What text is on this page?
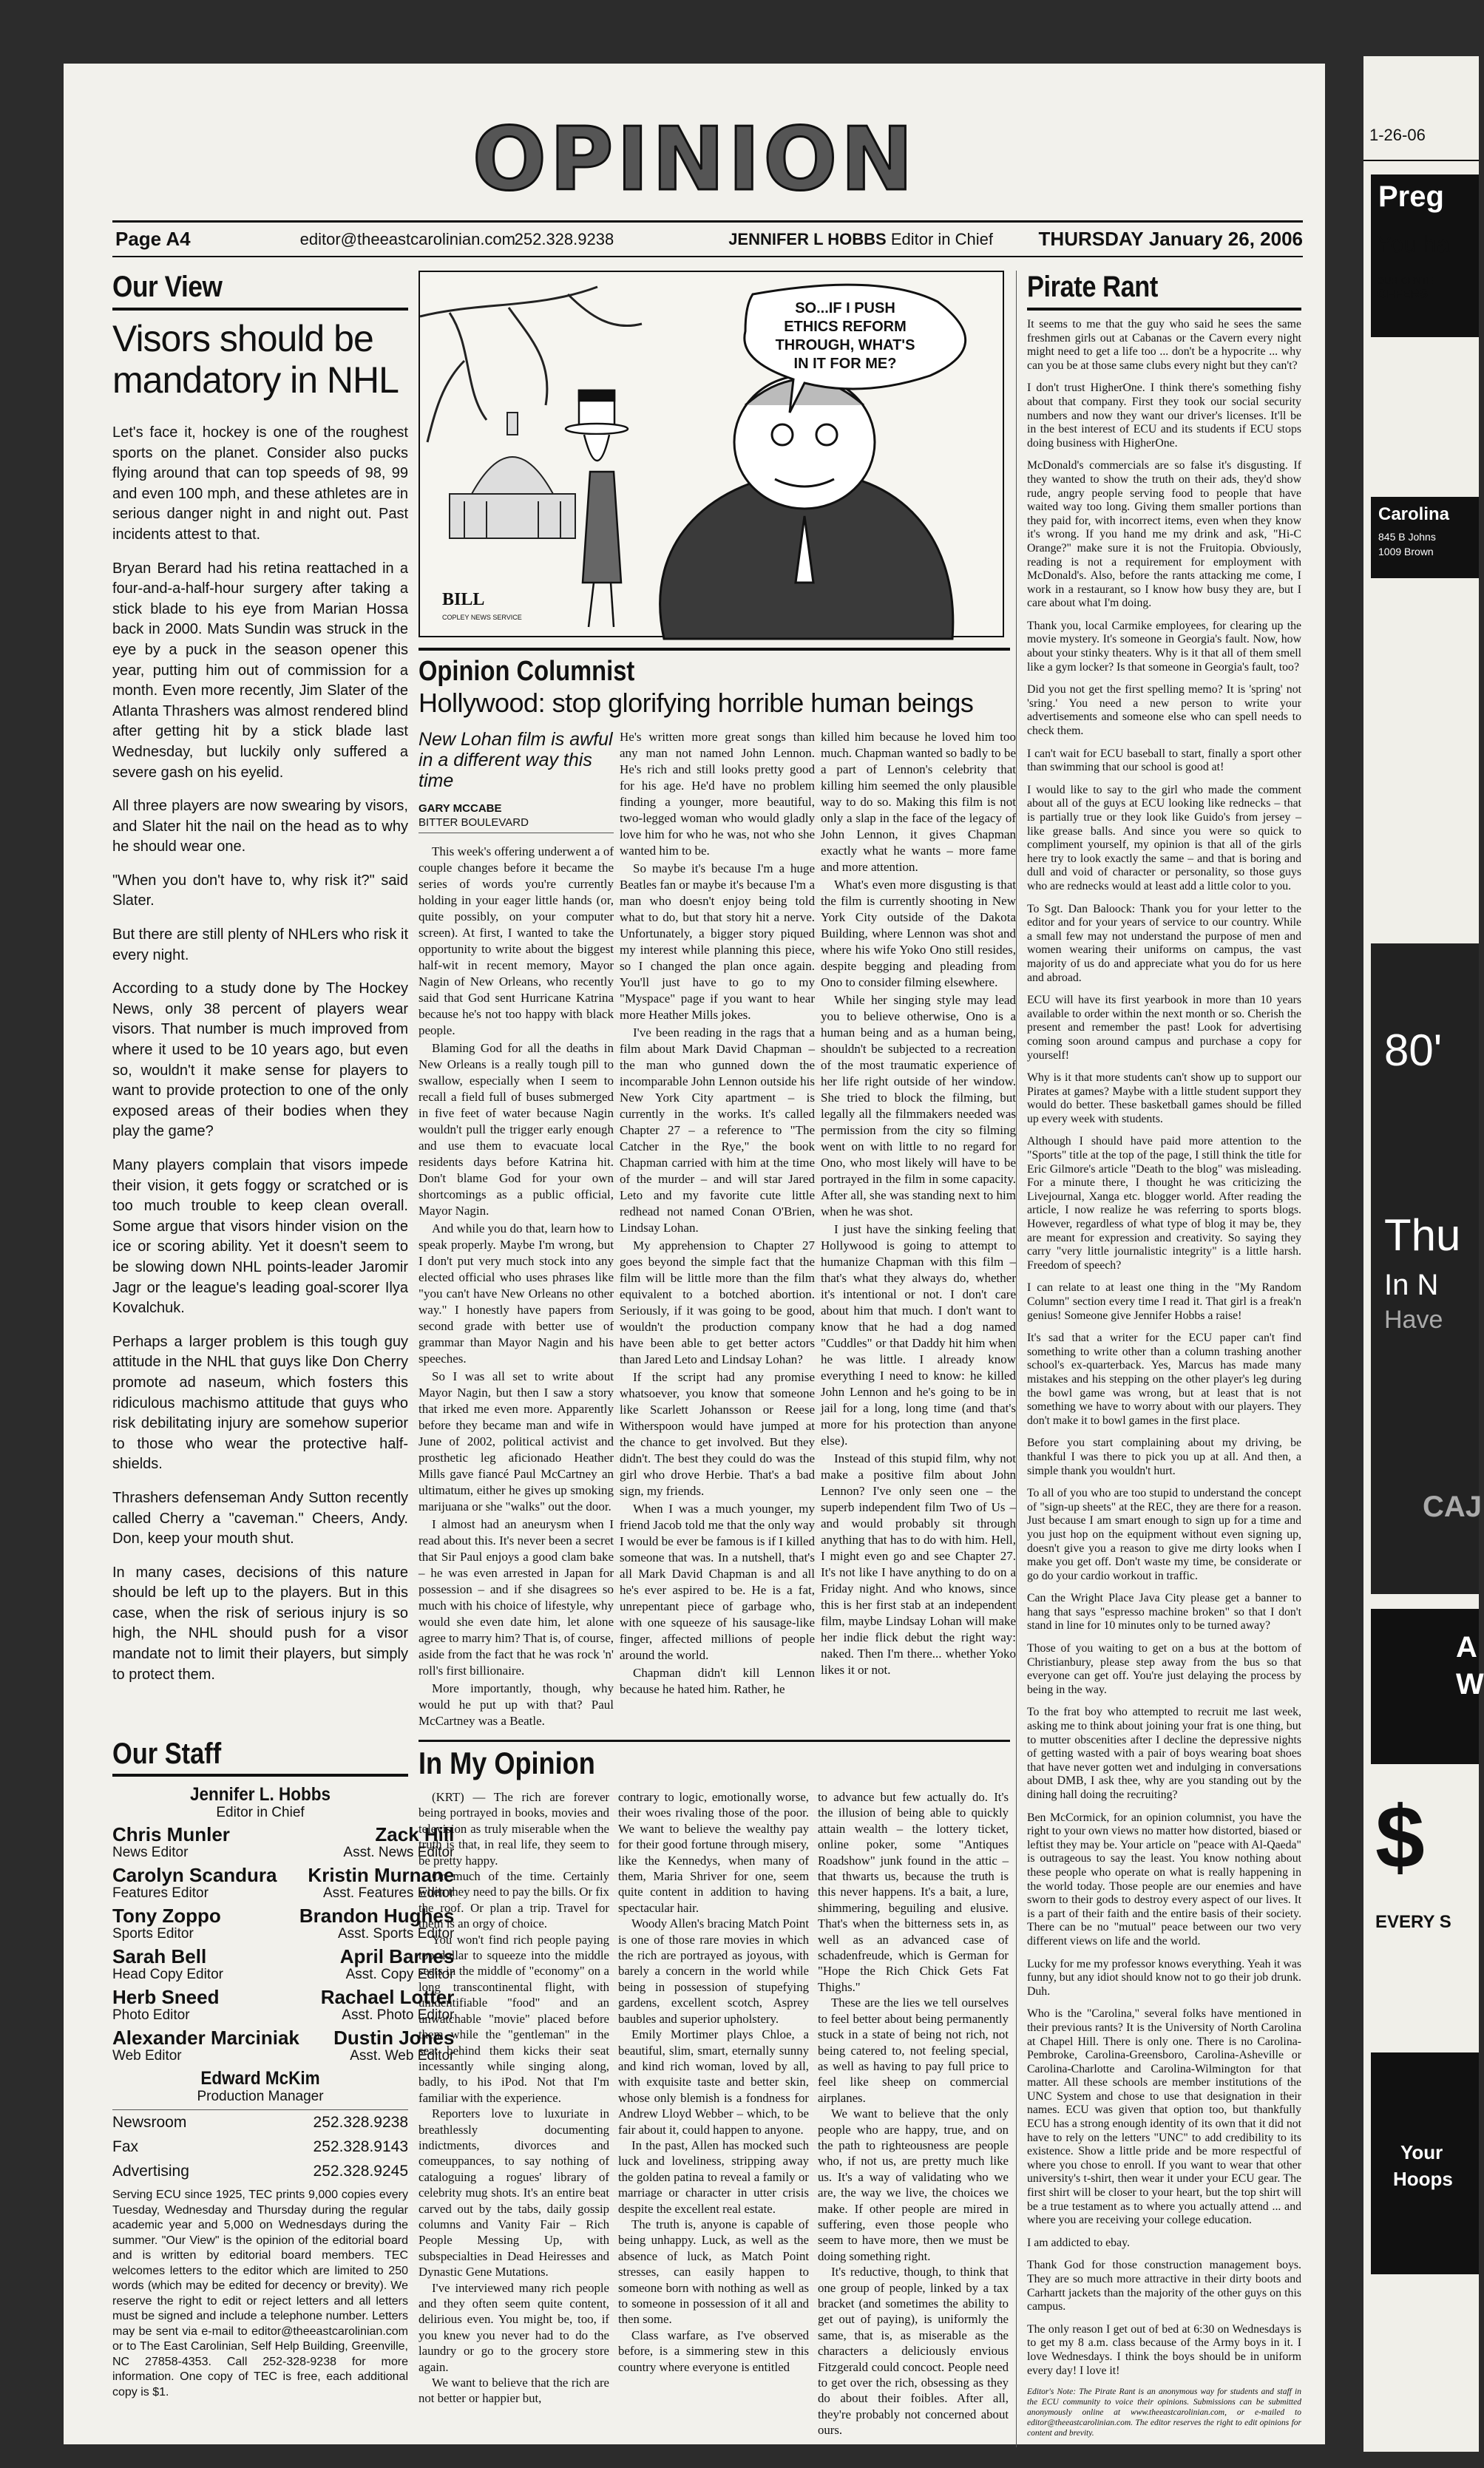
OPINION
Page A4	editor@theeastcarolinian.com
252.328.9238	JENNIFER L HOBBS Editor in Chief	THURSDAY January 26, 2006
Our View
Visors should be mandatory in NHL

Let's face it, hockey is one of the roughest sports on the planet. Consider also pucks flying around that can top speeds of 98, 99 and even 100 mph, and these athletes are in serious danger night in and night out. Past incidents attest to that.

Bryan Berard had his retina reattached in a four-and-a-half-hour surgery after taking a stick blade to his eye from Marian Hossa back in 2000. Mats Sundin was struck in the eye by a puck in the season opener this year, putting him out of commission for a month. Even more recently, Jim Slater of the Atlanta Thrashers was almost rendered blind after getting hit by a stick blade last Wednesday, but luckily only suffered a severe gash on his eyelid.

All three players are now swearing by visors, and Slater hit the nail on the head as to why he should wear one.

"When you don't have to, why risk it?" said Slater.

But there are still plenty of NHLers who risk it every night.

According to a study done by The Hockey News, only 38 percent of players wear visors. That number is much improved from where it used to be 10 years ago, but even so, wouldn't it make sense for players to want to provide protection to one of the only exposed areas of their bodies when they play the game?

Many players complain that visors impede their vision, it gets foggy or scratched or is too much trouble to keep clean overall. Some argue that visors hinder vision on the ice or scoring ability. Yet it doesn't seem to be slowing down NHL points-leader Jaromir Jagr or the league's leading goal-scorer Ilya Kovalchuk.

Perhaps a larger problem is this tough guy attitude in the NHL that guys like Don Cherry promote ad naseum, which fosters this ridiculous machismo attitude that guys who risk debilitating injury are somehow superior to those who wear the protective half-shields.

Thrashers defenseman Andy Sutton recently called Cherry a "caveman." Cheers, Andy. Don, keep your mouth shut.

In many cases, decisions of this nature should be left up to the players. But in this case, when the risk of serious injury is so high, the NHL should push for a visor mandate not to limit their players, but simply to protect them.

Our Staff
Jennifer L. Hobbs
Editor in Chief
Chris Munler
News Editor
Zack Hill
Asst. News Editor
Carolyn Scandura
Features Editor
Kristin Murnane
Asst. Features Editor
Tony Zoppo
Sports Editor
Brandon Hughes
Asst. Sports Editor
Sarah Bell
Head Copy Editor
April Barnes
Asst. Copy Editor
Herb Sneed
Photo Editor
Rachael Lotter
Asst. Photo Editor
Alexander Marciniak
Web Editor
Dustin Jones
Asst. Web Editor
Edward McKim
Production Manager
Newsroom	252.328.9238
Fax	252.328.9143
Advertising	252.328.9245

Serving ECU since 1925, TEC prints 9,000 copies every Tuesday, Wednesday and Thursday during the regular academic year and 5,000 on Wednesdays during the summer. "Our View" is the opinion of the editorial board and is written by editorial board members. TEC welcomes letters to the editor which are limited to 250 words (which may be edited for decency or brevity). We reserve the right to edit or reject letters and all letters must be signed and include a telephone number. Letters may be sent via e-mail to editor@theeastcarolinian.com or to The East Carolinian, Self Help Building, Greenville, NC 27858-4353. Call 252-328-9238 for more information. One copy of TEC is free, each additional copy is $1.

SO...IF I PUSH
ETHICS REFORM
THROUGH, WHAT'S
IN IT FOR ME?
BILL
COPLEY NEWS SERVICE
Opinion Columnist
Hollywood: stop glorifying horrible human beings
New Lohan film is awful in a different way this time
GARY MCCABE
BITTER BOULEVARD

This week's offering underwent a of couple changes before it became the series of words you're currently holding in your eager little hands (or, quite possibly, on your computer screen). At first, I wanted to take the opportunity to write about the biggest half-wit in recent memory, Mayor Nagin of New Orleans, who recently said that God sent Hurricane Katrina because he's not too happy with black people.

Blaming God for all the deaths in New Orleans is a really tough pill to swallow, especially when I seem to recall a field full of buses submerged in five feet of water because Nagin wouldn't pull the trigger early enough and use them to evacuate local residents days before Katrina hit. Don't blame God for your own shortcomings as a public official, Mayor Nagin.

And while you do that, learn how to speak properly. Maybe I'm wrong, but I don't put very much stock into any elected official who uses phrases like "you can't have New Orleans no other way." I honestly have papers from second grade with better use of grammar than Mayor Nagin and his speeches.

So I was all set to write about Mayor Nagin, but then I saw a story that irked me even more. Apparently before they became man and wife in June of 2002, political activist and prosthetic leg aficionado Heather Mills gave fiancé Paul McCartney an ultimatum, either he gives up smoking marijuana or she "walks" out the door.

I almost had an aneurysm when I read about this. It's never been a secret that Sir Paul enjoys a good clam bake – he was even arrested in Japan for possession – and if she disagrees so much with his choice of lifestyle, why would she even date him, let alone agree to marry him? That is, of course, aside from the fact that he was rock 'n' roll's first billionaire.

More importantly, though, why would he put up with that? Paul McCartney was a Beatle.

He's written more great songs than any man not named John Lennon. He's rich and still looks pretty good for his age. He'd have no problem finding a younger, more beautiful, two-legged woman who would gladly love him for who he was, not who she wanted him to be.

So maybe it's because I'm a huge Beatles fan or maybe it's because I'm a man who doesn't enjoy being told what to do, but that story hit a nerve. Unfortunately, a bigger story piqued my interest while planning this piece, so I changed the plan once again. You'll just have to go to my "Myspace" page if you want to hear more Heather Mills jokes.

I've been reading in the rags that a film about Mark David Chapman – the man who gunned down the incomparable John Lennon outside his New York City apartment – is currently in the works. It's called Chapter 27 – a reference to "The Catcher in the Rye," the book Chapman carried with him at the time of the murder – and will star Jared Leto and my favorite cute little redhead not named Conan O'Brien, Lindsay Lohan.

My apprehension to Chapter 27 goes beyond the simple fact that the film will be little more than the film equivalent to a botched abortion. Seriously, if it was going to be good, wouldn't the production company have been able to get better actors than Jared Leto and Lindsay Lohan?

If the script had any promise whatsoever, you know that someone like Scarlett Johansson or Reese Witherspoon would have jumped at the chance to get involved. But they didn't. The best they could do was the girl who drove Herbie. That's a bad sign, my friends.

When I was a much younger, my friend Jacob told me that the only way I would be ever be famous is if I killed someone that was. In a nutshell, that's all Mark David Chapman is and all he's ever aspired to be. He is a fat, unrepentant piece of garbage who, with one squeeze of his sausage-like finger, affected millions of people around the world.

Chapman didn't kill Lennon because he hated him. Rather, he

killed him because he loved him too much. Chapman wanted so badly to be a part of Lennon's celebrity that killing him seemed the only plausible way to do so. Making this film is not only a slap in the face of the legacy of John Lennon, it gives Chapman exactly what he wants – more fame and more attention.

What's even more disgusting is that the film is currently shooting in New York City outside of the Dakota Building, where Lennon was shot and where his wife Yoko Ono still resides, despite begging and pleading from Ono to consider filming elsewhere.

While her singing style may lead you to believe otherwise, Ono is a human being and as a human being, shouldn't be subjected to a recreation of the most traumatic experience of her life right outside of her window. She tried to block the filming, but legally all the filmmakers needed was permission from the city so filming went on with little to no regard for Ono, who most likely will have to be portrayed in the film in some capacity. After all, she was standing next to him when he was shot.

I just have the sinking feeling that Hollywood is going to attempt to humanize Chapman with this film – that's what they always do, whether it's intentional or not. I don't care about him that much. I don't want to know that he had a dog named "Cuddles" or that Daddy hit him when he was little. I already know everything I need to know: he killed John Lennon and he's going to be in jail for a long, long time (and that's more for his protection than anyone else).

Instead of this stupid film, why not make a positive film about John Lennon? I've only seen one – the superb independent film Two of Us – and would probably sit through anything that has to do with him. Hell, I might even go and see Chapter 27. It's not like I have anything to do on a Friday night. And who knows, since this is her first stab at an independent film, maybe Lindsay Lohan will make her indie flick debut the right way: naked. Then I'm there... whether Yoko likes it or not.

In My Opinion

(KRT) — The rich are forever being portrayed in books, movies and television as truly miserable when the truth is that, in real life, they seem to be pretty happy.

Or much of the time. Certainly when they need to pay the bills. Or fix the roof. Or plan a trip. Travel for them is an orgy of choice.

You won't find rich people paying top dollar to squeeze into the middle seats in the middle of "economy" on a long transcontinental flight, with unidentifiable "food" and an unwatchable "movie" placed before them while the "gentleman" in the seat behind them kicks their seat incessantly while singing along, badly, to his iPod. Not that I'm familiar with the experience.

Reporters love to luxuriate in breathlessly documenting indictments, divorces and comeuppances, to say nothing of cataloguing a rogues' library of celebrity mug shots. It's an entire beat carved out by the tabs, daily gossip columns and Vanity Fair – Rich People Messing Up, with subspecialties in Dead Heiresses and Dynastic Gene Mutations.

I've interviewed many rich people and they often seem quite content, delirious even. You might be, too, if you knew you never had to do the laundry or go to the grocery store again.

We want to believe that the rich are not better or happier but,

contrary to logic, emotionally worse, their woes rivaling those of the poor. We want to believe the wealthy pay for their good fortune through misery, like the Kennedys, when many of them, Maria Shriver for one, seem quite content in addition to having spectacular hair.

Woody Allen's bracing Match Point is one of those rare movies in which the rich are portrayed as joyous, with barely a concern in the world while being in possession of stupefying gardens, excellent scotch, Asprey baubles and superior upholstery.

Emily Mortimer plays Chloe, a beautiful, slim, smart, eternally sunny and kind rich woman, loved by all, with exquisite taste and better skin, whose only blemish is a fondness for Andrew Lloyd Webber – which, to be fair about it, could happen to anyone.

In the past, Allen has mocked such luck and loveliness, stripping away the golden patina to reveal a family or marriage or character in utter crisis despite the excellent real estate.

The truth is, anyone is capable of being unhappy. Luck, as well as the absence of luck, as Match Point stresses, can easily happen to someone born with nothing as well as to someone in possession of it all and then some.

Class warfare, as I've observed before, is a simmering stew in this country where everyone is entitled

to advance but few actually do. It's the illusion of being able to quickly attain wealth – the lottery ticket, online poker, some "Antiques Roadshow" junk found in the attic – that thwarts us, because the truth is this never happens. It's a bait, a lure, shimmering, beguiling and elusive. That's when the bitterness sets in, as well as an advanced case of schadenfreude, which is German for "Hope the Rich Chick Gets Fat Thighs."

These are the lies we tell ourselves to feel better about being permanently stuck in a state of being not rich, not being catered to, not feeling special, as well as having to pay full price to feel like sheep on commercial airplanes.

We want to believe that the only people who are happy, true, and on the path to righteousness are people who, if not us, are pretty much like us. It's a way of validating who we are, the way we live, the choices we make. If other people are mired in suffering, even those people who seem to have more, then we must be doing something right.

It's reductive, though, to think that one group of people, linked by a tax bracket (and sometimes the ability to get out of paying), is uniformly the same, that is, as miserable as the characters a deliciously envious Fitzgerald could concoct. People need to get over the rich, obsessing as they do about their foibles. After all, they're probably not concerned about ours.

Pirate Rant

It seems to me that the guy who said he sees the same freshmen girls out at Cabanas or the Cavern every night might need to get a life too ... don't be a hypocrite ... why can you be at those same clubs every night but they can't?

I don't trust HigherOne. I think there's something fishy about that company. First they took our social security numbers and now they want our driver's licenses. It'll be in the best interest of ECU and its students if ECU stops doing business with HigherOne.

McDonald's commercials are so false it's disgusting. If they wanted to show the truth on their ads, they'd show rude, angry people serving food to people that have waited way too long. Giving them smaller portions than they paid for, with incorrect items, even when they know it's wrong. If you hand me my drink and ask, "Hi-C Orange?" make sure it is not the Fruitopia. Obviously, reading is not a requirement for employment with McDonald's. Also, before the rants attacking me come, I work in a restaurant, so I know how busy they are, but I care about what I'm doing.

Thank you, local Carmike employees, for clearing up the movie mystery. It's someone in Georgia's fault. Now, how about your stinky theaters. Why is it that all of them smell like a gym locker? Is that someone in Georgia's fault, too?

Did you not get the first spelling memo? It is 'spring' not 'sring.' You need a new person to write your advertisements and someone else who can spell needs to check them.

I can't wait for ECU baseball to start, finally a sport other than swimming that our school is good at!

I would like to say to the girl who made the comment about all of the guys at ECU looking like rednecks – that is partially true or they look like Guido's from jersey – like grease balls. And since you were so quick to compliment yourself, my opinion is that all of the girls here try to look exactly the same – and that is boring and dull and void of character or personality, so those guys who are rednecks would at least add a little color to you.

To Sgt. Dan Baloock: Thank you for your letter to the editor and for your years of service to our country. While a small few may not understand the purpose of men and women wearing their uniforms on campus, the vast majority of us do and appreciate what you do for us here and abroad.

ECU will have its first yearbook in more than 10 years available to order within the next month or so. Cherish the present and remember the past! Look for advertising coming soon around campus and purchase a copy for yourself!

Why is it that more students can't show up to support our Pirates at games? Maybe with a little student support they would do better. These basketball games should be filled up every week with students.

Although I should have paid more attention to the "Sports" title at the top of the page, I still think the title for Eric Gilmore's article "Death to the blog" was misleading. For a minute there, I thought he was criticizing the Livejournal, Xanga etc. blogger world. After reading the article, I now realize he was referring to sports blogs. However, regardless of what type of blog it may be, they are meant for expression and creativity. So saying they carry "very little journalistic integrity" is a little harsh. Freedom of speech?

I can relate to at least one thing in the "My Random Column" section every time I read it. That girl is a freak'n genius! Someone give Jennifer Hobbs a raise!

It's sad that a writer for the ECU paper can't find something to write other than a column trashing another school's ex-quarterback. Yes, Marcus has made many mistakes and his stepping on the other player's leg during the bowl game was wrong, but at least that is not something we have to worry about with our players. They don't make it to bowl games in the first place.

Before you start complaining about my driving, be thankful I was there to pick you up at all. And then, a simple thank you wouldn't hurt.

To all of you who are too stupid to understand the concept of "sign-up sheets" at the REC, they are there for a reason. Just because I am smart enough to sign up for a time and you just hop on the equipment without even signing up, doesn't give you a reason to give me dirty looks when I make you get off. Don't waste my time, be considerate or go do your cardio workout in traffic.

Can the Wright Place Java City please get a banner to hang that says "espresso machine broken" so that I don't stand in line for 10 minutes only to be turned away?

Those of you waiting to get on a bus at the bottom of Christianbury, please step away from the bus so that everyone can get off. You're just delaying the process by being in the way.

To the frat boy who attempted to recruit me last week, asking me to think about joining your frat is one thing, but to mutter obscenities after I decline the depressive nights of getting wasted with a pair of boys wearing boat shoes that have never gotten wet and indulging in conversations about DMB, I ask thee, why are you standing out by the dining hall doing the recruiting?

Ben McCormick, for an opinion columnist, you have the right to your own views no matter how distorted, biased or leftist they may be. Your article on "peace with Al-Qaeda" is outrageous to say the least. You know nothing about these people who operate on what is really happening in the world today. Those people are our enemies and have sworn to their gods to destroy every aspect of our lives. It is a part of their faith and the entire basis of their society. There can be no "mutual" peace between our two very different views on life and the world.

Lucky for me my professor knows everything. Yeah it was funny, but any idiot should know not to go their job drunk. Duh.

Who is the "Carolina," several folks have mentioned in their previous rants? It is the University of North Carolina at Chapel Hill. There is only one. There is no Carolina-Pembroke, Carolina-Greensboro, Carolina-Asheville or Carolina-Charlotte and Carolina-Wilmington for that matter. All these schools are member institutions of the UNC System and chose to use that designation in their names. ECU was given that option too, but thankfully ECU has a strong enough identity of its own that it did not have to rely on the letters "UNC" to add credibility to its existence. Show a little pride and be more respectful of where you chose to enroll. If you want to wear that other university's t-shirt, then wear it under your ECU gear. The first shirt will be closer to your heart, but the top shirt will be a true testament as to where you actually attend ... and where you are receiving your college education.

I am addicted to ebay.

Thank God for those construction management boys. They are so much more attractive in their dirty boots and Carhartt jackets than the majority of the other guys on this campus.

The only reason I get out of bed at 6:30 on Wednesdays is to get my 8 a.m. class because of the Army boys in it. I love Wednesdays. I think the boys should be in uniform every day! I love it!

Editor's Note: The Pirate Rant is an anonymous way for students and staff in the ECU community to voice their opinions. Submissions can be submitted anonymously online at www.theeastcarolinian.com, or e-mailed to editor@theeastcarolinian.com. The editor reserves the right to edit opinions for content and brevity.

1-26-06
Preg
You ha
OUR CENTE
OFFERS
Carolina
845 B Johns
1009 Brown
80'
Thu
In N
Have
CAJ
A
W
$
EVERY S
Your
Hoops
